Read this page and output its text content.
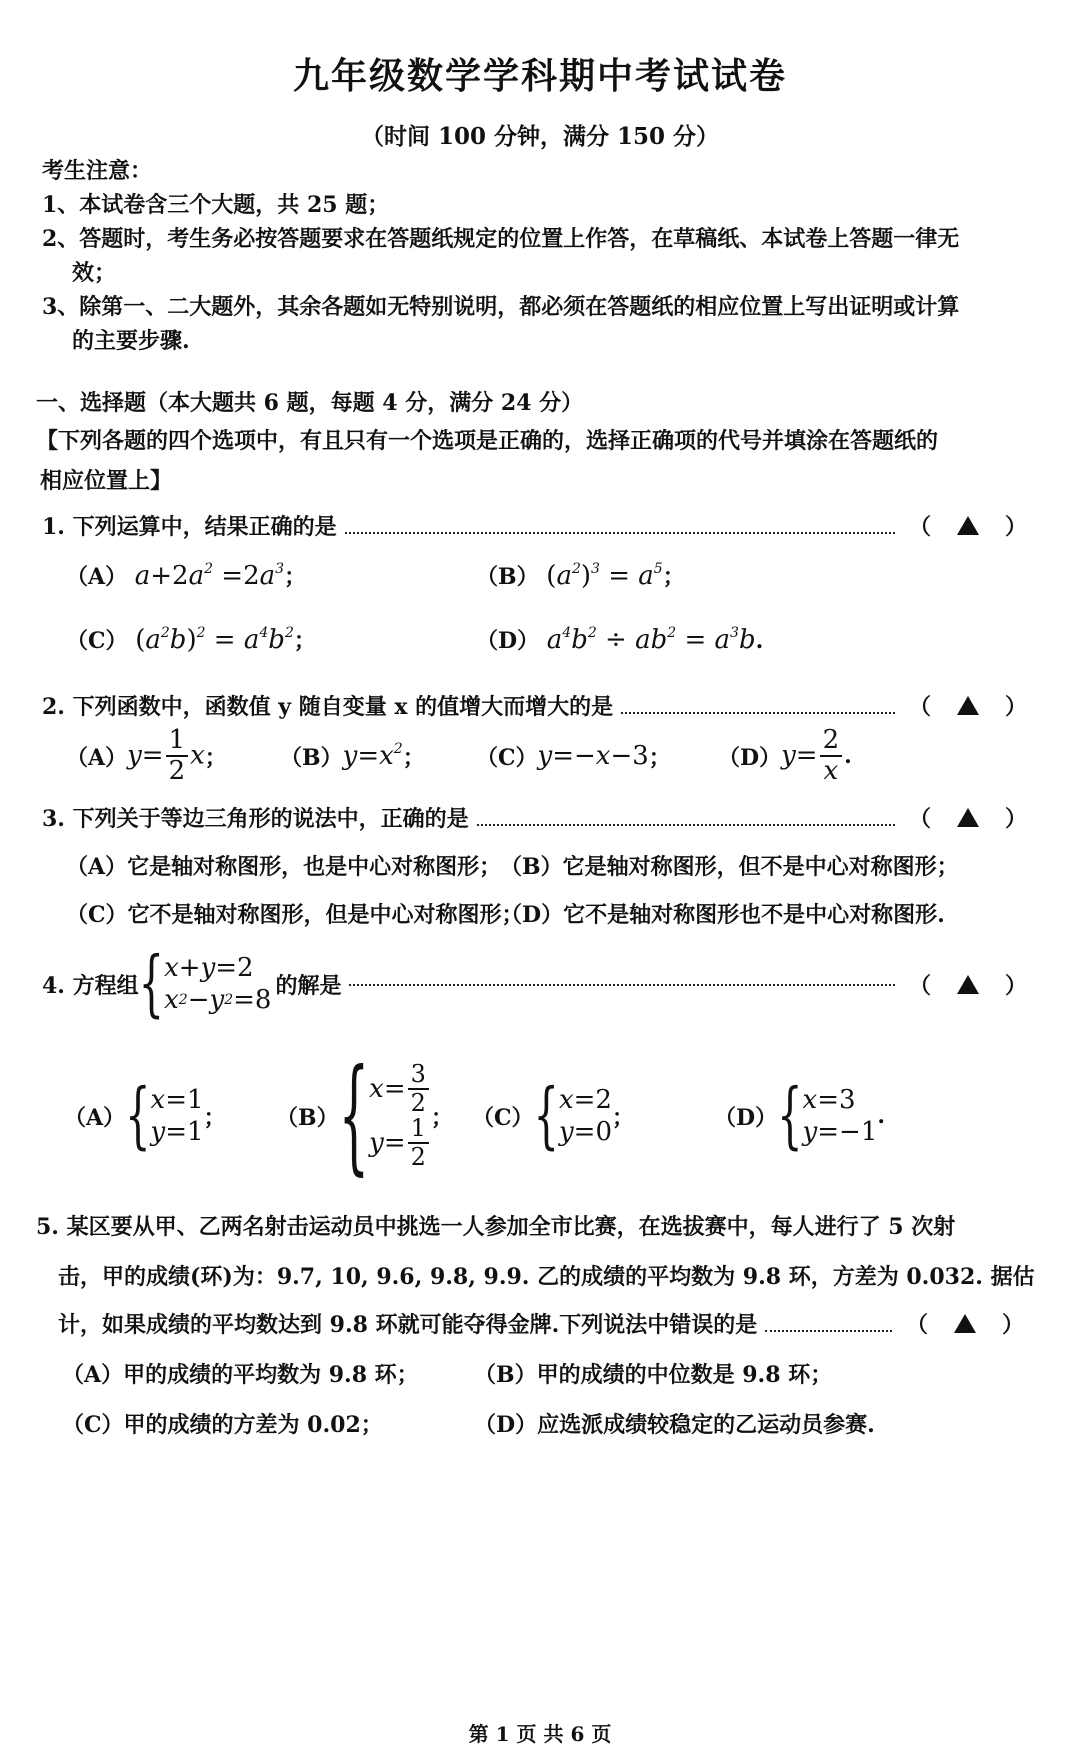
九年级数学学科期中考试试卷
（时间 100 分钟，满分 150 分）
考生注意：
1、本试卷含三个大题，共 25 题；
2、答题时，考生务必按答题要求在答题纸规定的位置上作答，在草稿纸、本试卷上答题一律无
效；
3、除第一、二大题外，其余各题如无特别说明，都必须在答题纸的相应位置上写出证明或计算
的主要步骤.
一、选择题（本大题共 6 题，每题 4 分，满分 24 分）
【下列各题的四个选项中，有且只有一个选项是正确的，选择正确项的代号并填涂在答题纸的
相应位置上】
1. 下列运算中，结果正确的是	（	）
（A） $a+2a^2 =2a^3$；	（B） $(a^2)^3 = a^5$；
（C） $(a^2b)^2 = a^4b^2$；	（D） $a^4b^2 \div ab^2 = a^3b$.
2. 下列函数中，函数值 y 随自变量 x 的值增大而增大的是	（	）
（A） $y= \frac{1}{2}$ x ； （B） $y=x^2$ ； （C） y=−x−3 ； （D） $y= \frac{2}{x}$ .
3. 下列关于等边三角形的说法中，正确的是	（	）
（A）它是轴对称图形，也是中心对称图形；
（B）它是轴对称图形，但不是中心对称图形；
（C）它不是轴对称图形，但是中心对称图形；
（D）它不是轴对称图形也不是中心对称图形.
4. 方程组 { x + y =2
x 2 − y 2 =8 的解是	（	）
（A） { x =1
y =1 ； （B） { $x = \frac{3}{2}$
$y = \frac{1}{2}$ ； （C） { x =2
y =0 ；	（D） { x =3
y =−1
.
5. 某区要从甲、乙两名射击运动员中挑选一人参加全市比赛，在选拔赛中，每人进行了 5 次射
击，甲的成绩(环)为：9.7, 10, 9.6, 9.8, 9.9. 乙的成绩的平均数为 9.8 环，方差为 0.032. 据估
计，如果成绩的平均数达到 9.8 环就可能夺得金牌.下列说法中错误的是	（	）
（A）甲的成绩的平均数为 9.8 环；	（B）甲的成绩的中位数是 9.8 环；
（C）甲的成绩的方差为 0.02；	（D）应选派成绩较稳定的乙运动员参赛.
第 1 页 共 6 页
